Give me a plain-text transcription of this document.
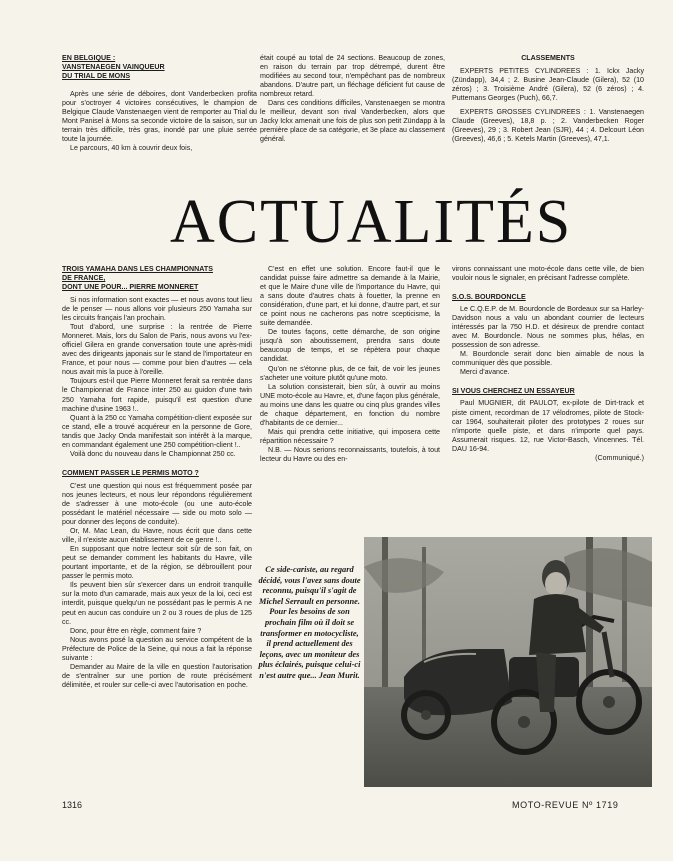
EN BELGIQUE :
VANSTENAEGEN VAINQUEUR
DU TRIAL DE MONS

Après une série de déboires, dont Vanderbecken profita pour s'octroyer 4 victoires consécutives, le champion de Belgique Claude Vanstenaegen vient de remporter au Trial du Mont Panisel à Mons sa seconde victoire de la saison, sur un terrain très difficile, très gras, inondé par une pluie serrée toute la journée.

Le parcours, 40 km à couvrir deux fois,

était coupé au total de 24 sections. Beaucoup de zones, en raison du terrain par trop détrempé, durent être modifiées au second tour, n'empêchant pas de nombreux abandons. D'autre part, un fléchage déficient fut cause de nombreux retard.

Dans ces conditions difficiles, Vanstenaegen se montra le meilleur, devant son rival Vanderbecken, alors que Jacky Ickx amenait une fois de plus son petit Zündapp à la première place de sa catégorie, et 3e place au classement général.

CLASSEMENTS

EXPERTS PETITES CYLINDREES : 1. Ickx Jacky (Zündapp), 34,4 ; 2. Busine Jean-Claude (Gilera), 52 (10 zéros) ; 3. Troisième André (Gilera), 52 (6 zéros) ; 4. Puttemans Georges (Puch), 66,7.

EXPERTS GROSSES CYLINDREES : 1. Vanstenaegen Claude (Greeves), 18,8 p. ; 2. Vanderbecken Roger (Greeves), 29 ; 3. Robert Jean (SJR), 44 ; 4. Delcourt Léon (Greeves), 46,6 ; 5. Ketels Martin (Greeves), 47,1.

ACTUALITÉS
TROIS YAMAHA DANS LES CHAMPIONNATS
DE FRANCE,
DONT UNE POUR... PIERRE MONNERET

Si nos information sont exactes — et nous avons tout lieu de le penser — nous allons voir plusieurs 250 Yamaha sur les circuits français l'an prochain.

Tout d'abord, une surprise : la rentrée de Pierre Monneret. Mais, lors du Salon de Paris, nous avons vu l'ex-officiel Gilera en grande conversation toute une après-midi avec des dirigeants japonais sur le stand de l'importateur en France, et pour nous — comme pour bien d'autres — cela nous avait mis la puce à l'oreille.

Toujours est-il que Pierre Monneret ferait sa rentrée dans le Championnat de France inter 250 au guidon d'une twin 250 Yamaha fort rapide, puisqu'il est question d'une machine d'usine 1963 !..

Quant à la 250 cc Yamaha compétition-client exposée sur ce stand, elle a trouvé acquéreur en la personne de Gore, tandis que Jacky Onda manifestait son intérêt à la marque, en commandant également une 250 compétition-client !..

Voilà donc du nouveau dans le Championnat 250 cc.

COMMENT PASSER LE PERMIS MOTO ?

C'est une question qui nous est fréquemment posée par nos jeunes lecteurs, et nous leur répondons régulièrement de s'adresser à une moto-école (ou une auto-école possédant le matériel nécessaire — side ou moto solo — pour donner des leçons de conduite).

Or, M. Mac Lean, du Havre, nous écrit que dans cette ville, il n'existe aucun établissement de ce genre !..

En supposant que notre lecteur soit sûr de son fait, on peut se demander comment les habitants du Havre, ville pourtant importante, et de la région, se débrouillent pour passer le permis moto.

Ils peuvent bien sûr s'exercer dans un endroit tranquille sur la moto d'un camarade, mais aux yeux de la loi, ceci est interdit, puisque quelqu'un ne possédant pas le permis A ne peut en aucun cas conduire un 2 ou 3 roues de plus de 125 cc.

Donc, pour être en règle, comment faire ?

Nous avons posé la question au service compétent de la Préfecture de Police de la Seine, qui nous a fait la réponse suivante :

Demander au Maire de la ville en question l'autorisation de s'entraîner sur une portion de route précisément délimitée, et rouler sur celle-ci avec l'autorisation en poche.

C'est en effet une solution. Encore faut-il que le candidat puisse faire admettre sa demande à la Mairie, et que le Maire d'une ville de l'importance du Havre, qui a sans doute d'autres chats à fouetter, la prenne en considération, d'une part, et lui donne, d'autre part, et sur ce point nous ne cacherons pas notre scepticisme, la suite demandée.

De toutes façons, cette démarche, de son origine jusqu'à son aboutissement, prendra sans doute beaucoup de temps, et se répètera pour chaque candidat.

Qu'on ne s'étonne plus, de ce fait, de voir les jeunes s'acheter une voiture plutôt qu'une moto.

La solution consisterait, bien sûr, à ouvrir au moins UNE moto-école au Havre, et, d'une façon plus générale, au moins une dans les quatre ou cinq plus grandes villes de chaque département, en fonction du nombre d'habitants de ce dernier...

Mais qui prendra cette initiative, qui imposera cette répartition nécessaire ?

N.B. — Nous serions reconnaissants, toutefois, à tout lecteur du Havre ou des en-

virons connaissant une moto-école dans cette ville, de bien vouloir nous le signaler, en précisant l'adresse complète.

S.O.S. BOURDONCLE

Le C.Q.E.P. de M. Bourdoncle de Bordeaux sur sa Harley-Davidson nous a valu un abondant courrier de lecteurs intéressés par la 750 H.D. et désireux de prendre contact avec M. Bourdoncle. Nous ne sommes plus, hélas, en possession de son adresse.

M. Bourdoncle serait donc bien aimable de nous la communiquer dès que possible.

Merci d'avance.

SI VOUS CHERCHEZ UN ESSAYEUR

Paul MUGNIER, dit PAULOT, ex-pilote de Dirt-track et piste ciment, recordman de 17 vélodromes, pilote de Stock-car 1964, souhaiterait piloter des prototypes 2 roues sur n'importe quelle piste, et dans n'importe quel pays. Assumerait risques. 12, rue Victor-Basch, Vincennes. Tél. DAU 16-94.

(Communiqué.)
Ce side-cariste, au regard décidé, vous l'avez sans doute reconnu, puisqu'il s'agit de Michel Serrault en personne. Pour les besoins de son prochain film où il doit se transformer en motocycliste, il prend actuellement des leçons, avec un moniteur des plus éclairés, puisque celui-ci n'est autre que... Jean Murit.
1316	MOTO-REVUE Nº 1719
